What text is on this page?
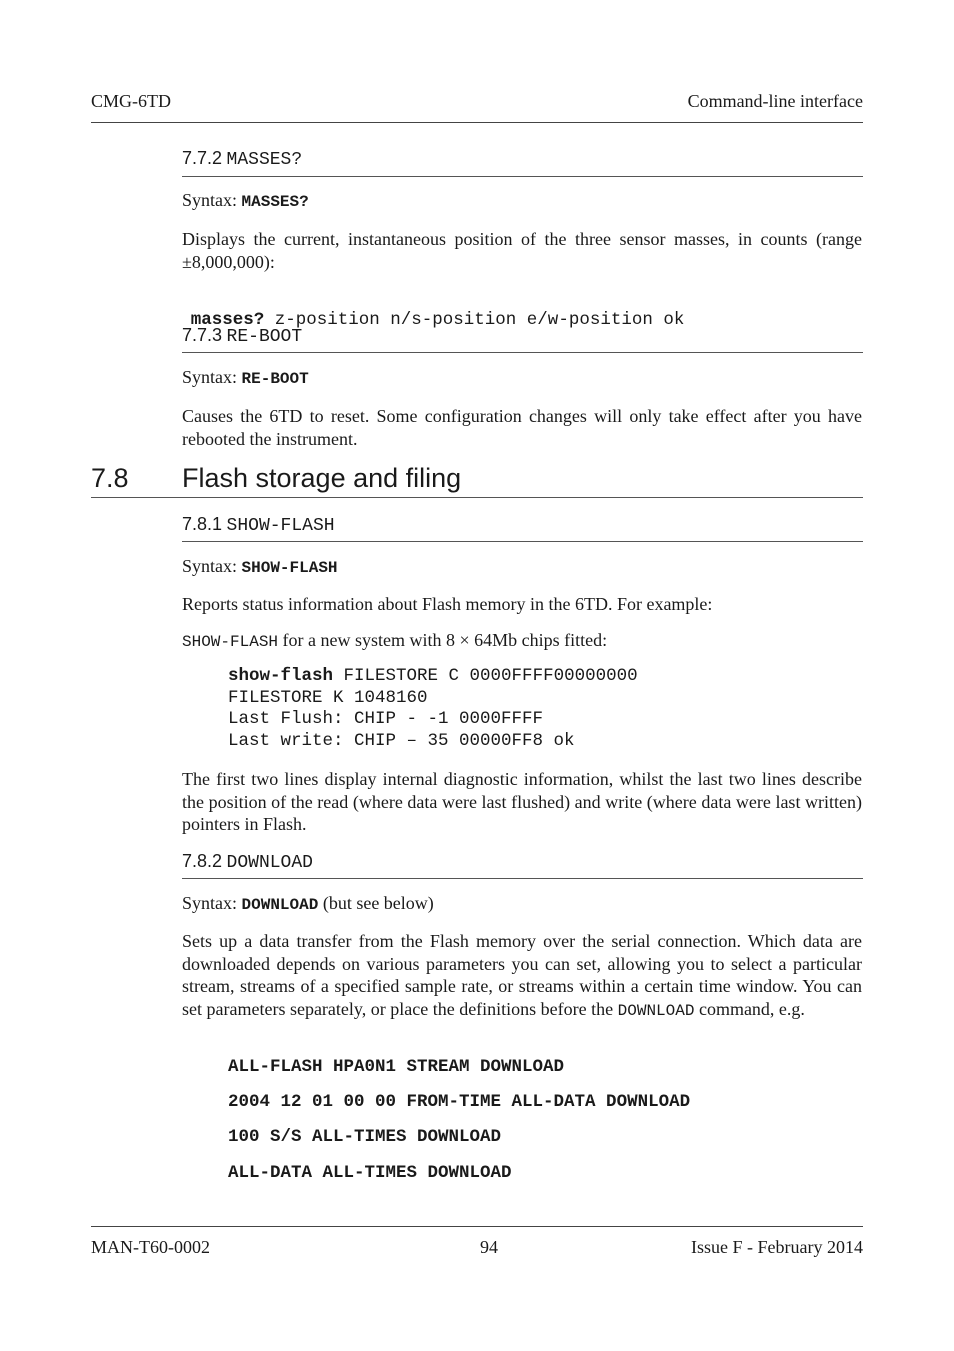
CMG-6TD	Command-line interface
7.7.2 MASSES?
Syntax: MASSES?
Displays the current, instantaneous position of the three sensor masses, in counts (range ±8,000,000):

masses? z-position n/s-position e/w-position ok

7.7.3 RE-BOOT
Syntax: RE-BOOT
Causes the 6TD to reset. Some configuration changes will only take effect after you have rebooted the instrument.
7.8 Flash storage and filing
7.8.1 SHOW-FLASH
Syntax: SHOW-FLASH
Reports status information about Flash memory in the 6TD. For example:
SHOW-FLASH for a new system with 8 × 64Mb chips fitted:
show-flash FILESTORE C 0000FFFF00000000
FILESTORE K 1048160
Last Flush: CHIP - -1 0000FFFF
Last write: CHIP – 35 00000FF8 ok
The first two lines display internal diagnostic information, whilst the last two lines describe the position of the read (where data were last flushed) and write (where data were last written) pointers in Flash.
7.8.2 DOWNLOAD
Syntax: DOWNLOAD (but see below)
Sets up a data transfer from the Flash memory over the serial connection. Which data are downloaded depends on various parameters you can set, allowing you to select a particular stream, streams of a specified sample rate, or streams within a certain time window. You can set parameters separately, or place the definitions before the DOWNLOAD command, e.g.
ALL-FLASH HPA0N1 STREAM DOWNLOAD
2004 12 01 00 00 FROM-TIME ALL-DATA DOWNLOAD
100 S/S ALL-TIMES DOWNLOAD
ALL-DATA ALL-TIMES DOWNLOAD
MAN-T60-0002	94	Issue F - February 2014
